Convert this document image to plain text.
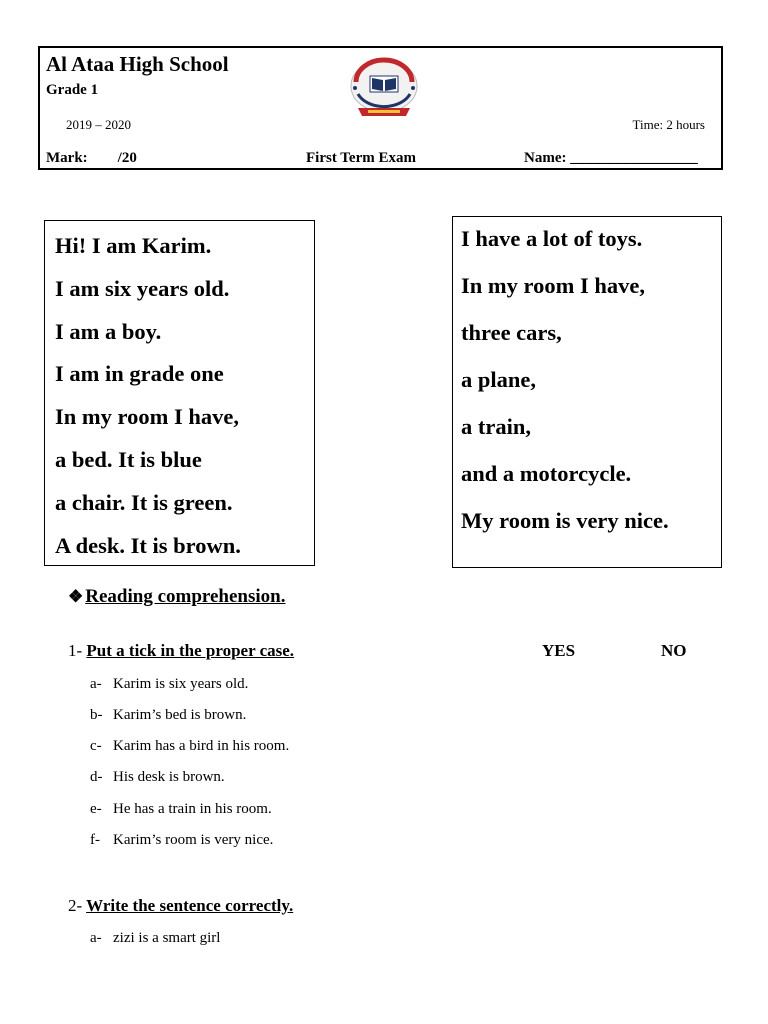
Al Ataa High School
Grade 1
2019 – 2020	Time: 2 hours
Mark: /20	First Term Exam	Name: _________________
Hi! I am Karim.
I am six years old.
I am a boy.
I am in grade one
In my room I have,
a bed. It is blue
a chair. It is green.
A desk. It is brown.
I have a lot of toys.
In my room I have,
three cars,
a plane,
a train,
and a motorcycle.
My room is very nice.
❖ Reading comprehension.
1- Put a tick in the proper case.	YES	NO
a- Karim is six years old.
b- Karim’s bed is brown.
c- Karim has a bird in his room.
d- His desk is brown.
e- He has a train in his room.
f- Karim’s room is very nice.
2- Write the sentence correctly.
a- zizi is a smart girl
